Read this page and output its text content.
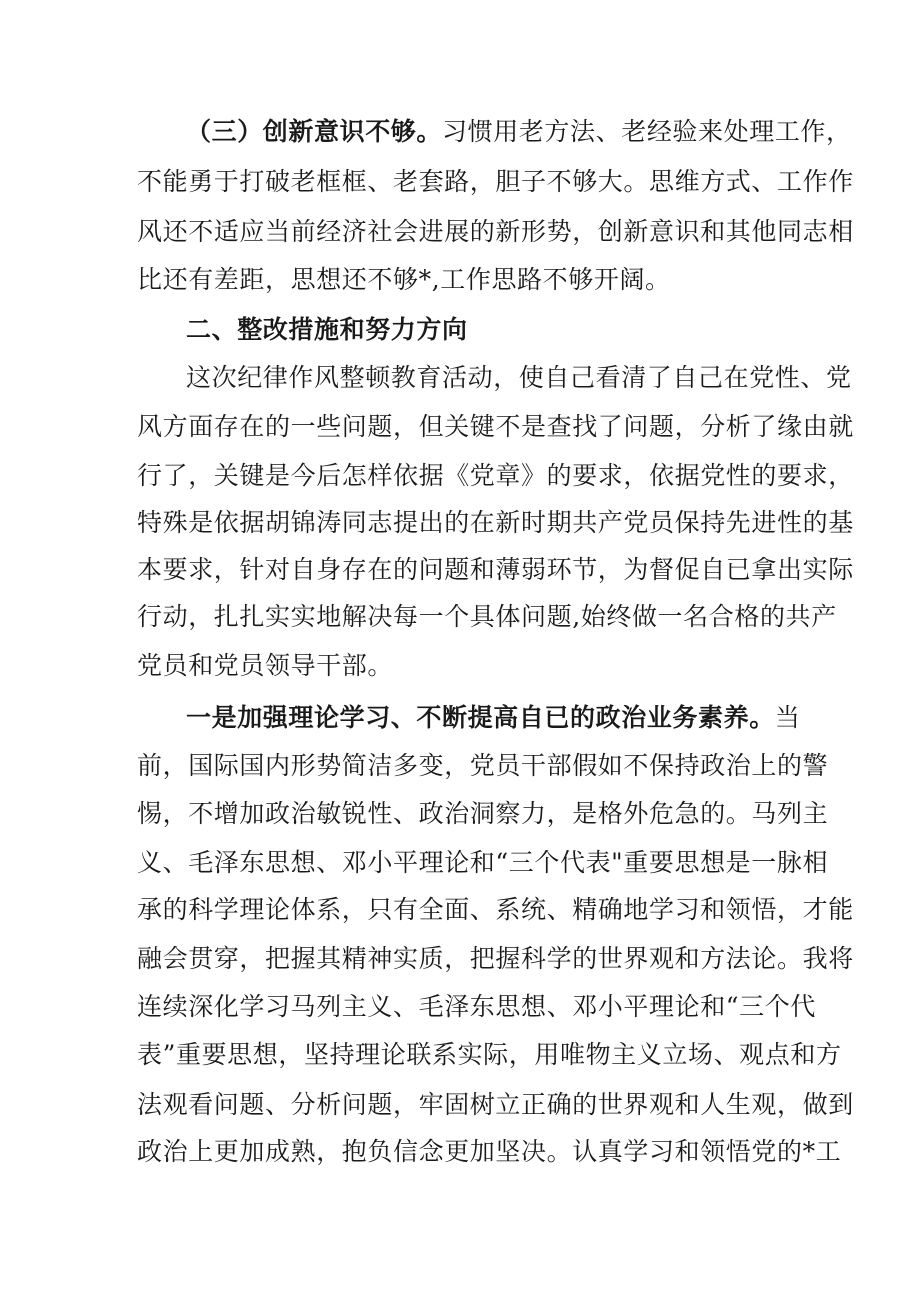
（三）创新意识不够。习惯用老方法、老经验来处理工作，
不能勇于打破老框框、老套路，胆子不够大。思维方式、工作作
风还不适应当前经济社会进展的新形势，创新意识和其他同志相
比还有差距，思想还不够*,工作思路不够开阔。
二、整改措施和努力方向
这次纪律作风整顿教育活动，使自己看清了自己在党性、党
风方面存在的一些问题，但关键不是查找了问题，分析了缘由就
行了，关键是今后怎样依据《党章》的要求，依据党性的要求，
特殊是依据胡锦涛同志提出的在新时期共产党员保持先进性的基
本要求，针对自身存在的问题和薄弱环节，为督促自已拿出实际
行动，扎扎实实地解决每一个具体问题,始终做一名合格的共产
党员和党员领导干部。
一是加强理论学习、不断提高自已的政治业务素养。当
前，国际国内形势简洁多变，党员干部假如不保持政治上的警
惕，不增加政治敏锐性、政治洞察力，是格外危急的。马列主
义、毛泽东思想、邓小平理论和“三个代表"重要思想是一脉相
承的科学理论体系，只有全面、系统、精确地学习和领悟，才能
融会贯穿，把握其精神实质，把握科学的世界观和方法论。我将
连续深化学习马列主义、毛泽东思想、邓小平理论和“三个代
表”重要思想，坚持理论联系实际，用唯物主义立场、观点和方
法观看问题、分析问题，牢固树立正确的世界观和人生观，做到
政治上更加成熟，抱负信念更加坚决。认真学习和领悟党的*工
